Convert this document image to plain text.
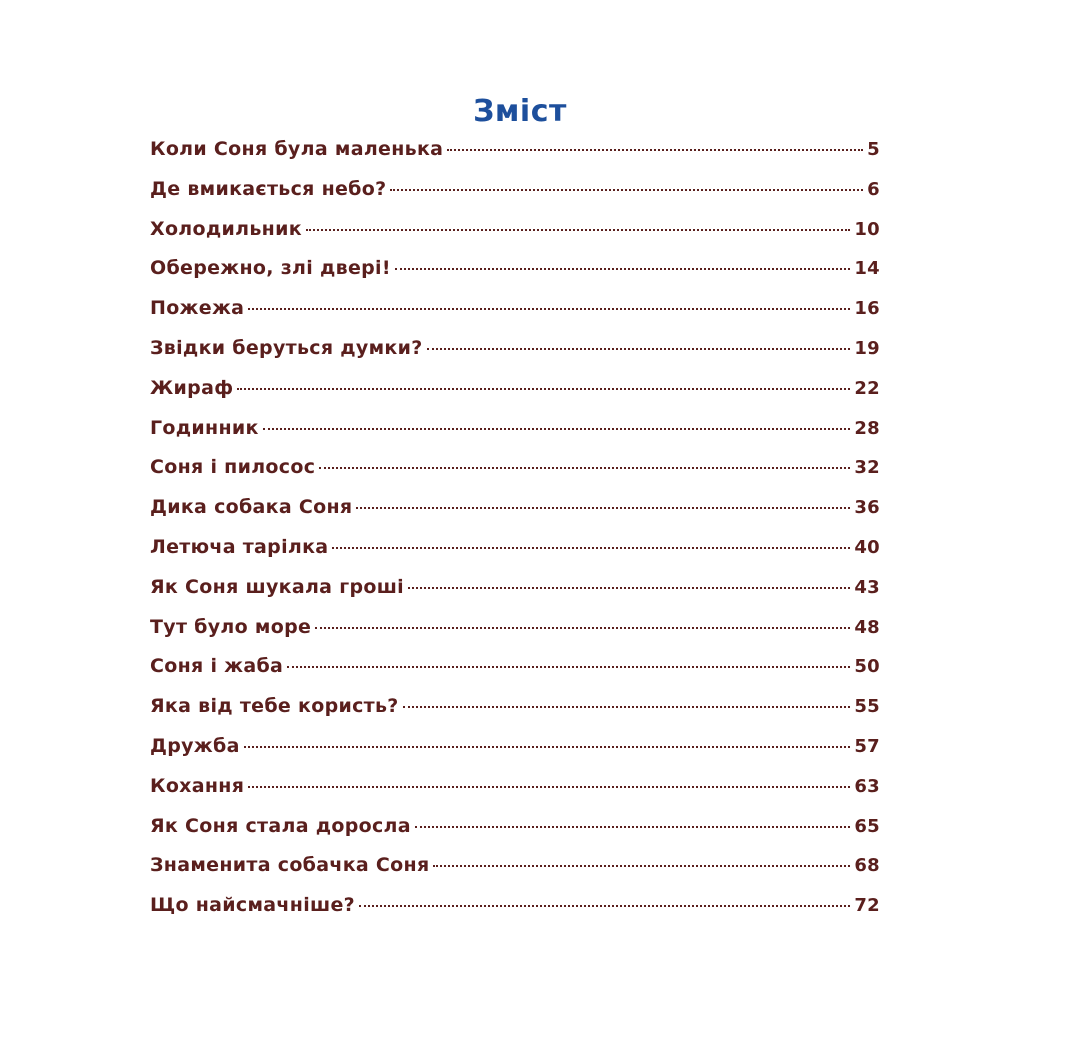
Зміст
Коли Соня була маленька	5
Де вмикається небо?	6
Холодильник	10
Обережно, злі двері!	14
Пожежа	16
Звідки беруться думки?	19
Жираф	22
Годинник	28
Соня і пилосос	32
Дика собака Соня	36
Летюча тарілка	40
Як Соня шукала гроші	43
Тут було море	48
Соня і жаба	50
Яка від тебе користь?	55
Дружба	57
Кохання	63
Як Соня стала доросла	65
Знаменита собачка Соня	68
Що найсмачніше?	72
